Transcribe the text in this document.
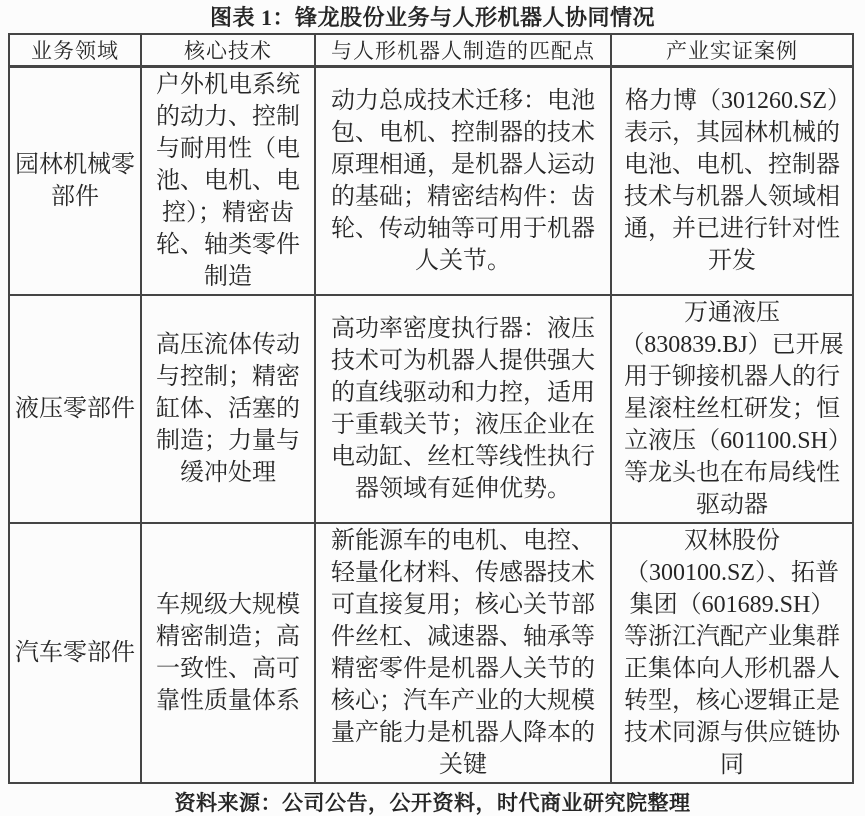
图表 1：锋龙股份业务与人形机器人协同情况
业务领域	核心技术	与人形机器人制造的匹配点	产业实证案例
园林机械零部件	户外机电系统的动力、控制与耐用性（电池、电机、电控）；精密齿轮、轴类零件制造	动力总成技术迁移：电池包、电机、控制器的技术原理相通，是机器人运动的基础；精密结构件：齿轮、传动轴等可用于机器人关节。	格力博（301260.SZ）表示，其园林机械的电池、电机、控制器技术与机器人领域相通，并已进行针对性开发
液压零部件	高压流体传动与控制；精密缸体、活塞的制造；力量与缓冲处理	高功率密度执行器：液压技术可为机器人提供强大的直线驱动和力控，适用于重载关节；液压企业在电动缸、丝杠等线性执行器领域有延伸优势。	万通液压（830839.BJ）已开展用于铆接机器人的行星滚柱丝杠研发；恒立液压（601100.SH）等龙头也在布局线性驱动器
汽车零部件	车规级大规模精密制造；高一致性、高可靠性质量体系	新能源车的电机、电控、轻量化材料、传感器技术可直接复用；核心关节部件丝杠、减速器、轴承等精密零件是机器人关节的核心；汽车产业的大规模量产能力是机器人降本的关键	双林股份（300100.SZ）、拓普集团（601689.SH）等浙江汽配产业集群正集体向人形机器人转型，核心逻辑正是技术同源与供应链协同
资料来源：公司公告，公开资料，时代商业研究院整理
